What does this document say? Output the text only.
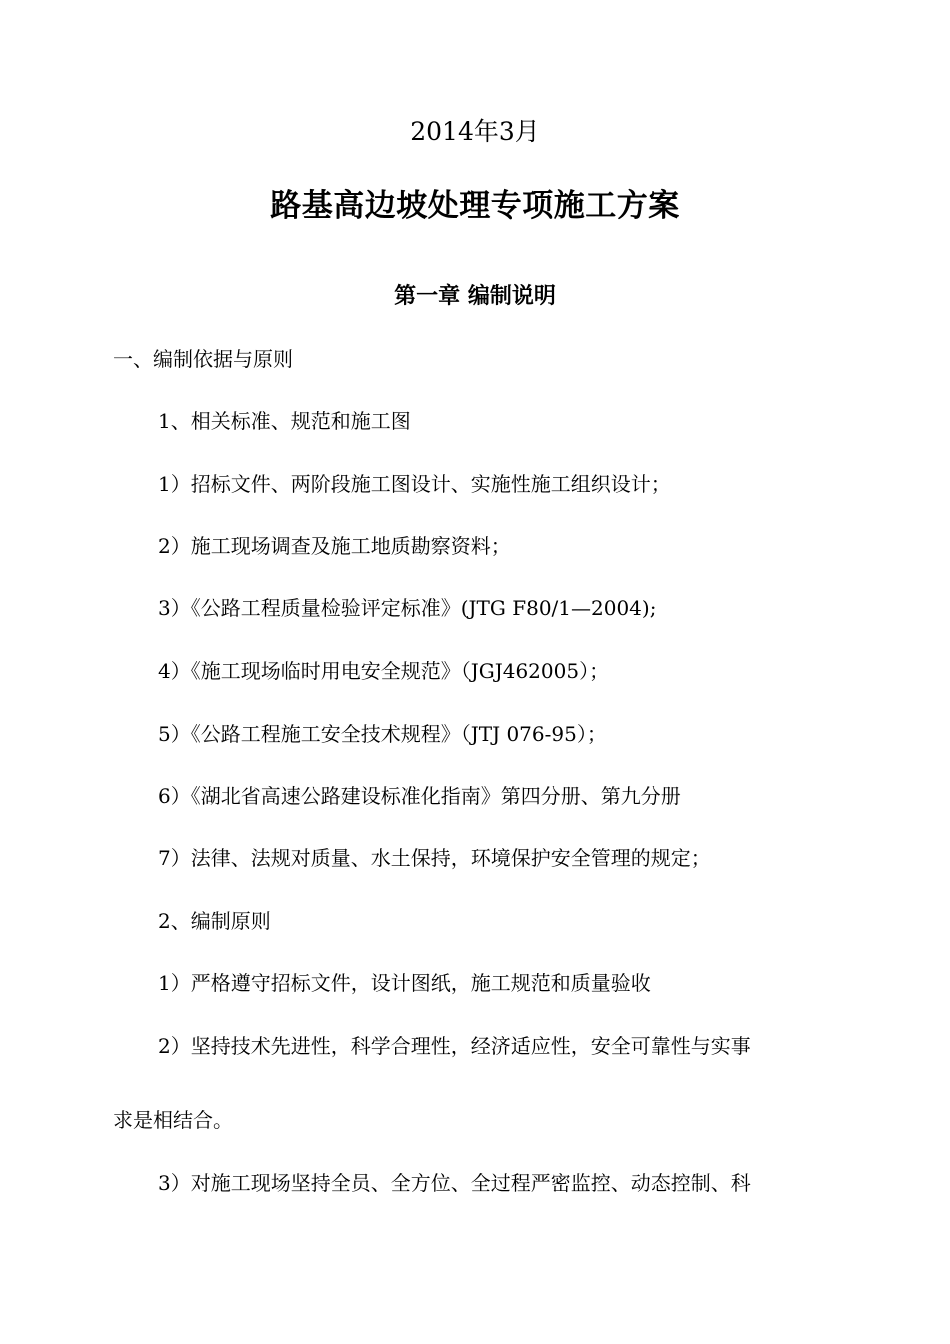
2014年3月
路基高边坡处理专项施工方案
第一章 编制说明
一、编制依据与原则
1、相关标准、规范和施工图
1）招标文件、两阶段施工图设计、实施性施工组织设计；
2）施工现场调查及施工地质勘察资料；
3）《公路工程质量检验评定标准》(JTG F80/1—2004);
4）《施工现场临时用电安全规范》（JGJ462005）；
5）《公路工程施工安全技术规程》（JTJ 076-95）；
6）《湖北省高速公路建设标准化指南》第四分册、第九分册
7）法律、法规对质量、水土保持，环境保护安全管理的规定；
2、编制原则
1）严格遵守招标文件，设计图纸，施工规范和质量验收
2）坚持技术先进性，科学合理性，经济适应性，安全可靠性与实事
求是相结合。
3）对施工现场坚持全员、全方位、全过程严密监控、动态控制、科
